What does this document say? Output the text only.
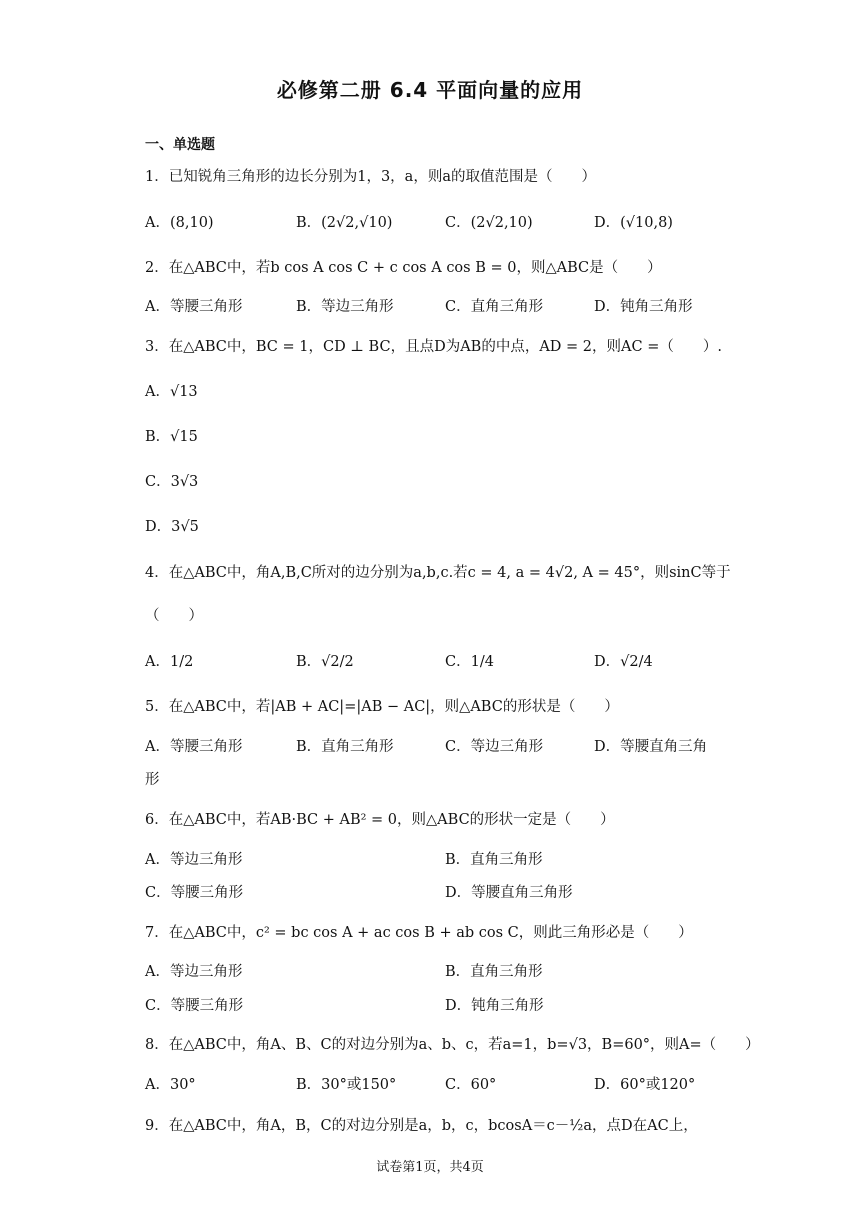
必修第二册 6.4 平面向量的应用
一、单选题
1．已知锐角三角形的边长分别为1，3，a，则a的取值范围是（　　）
A．(8,10)	B．(2√2,√10)	C．(2√2,10)	D．(√10,8)
2．在△ABC中，若b cos A cos C + c cos A cos B = 0，则△ABC是（　　）
A．等腰三角形	B．等边三角形	C．直角三角形	D．钝角三角形
3．在△ABC中，BC = 1，CD ⊥ BC，且点D为AB的中点，AD = 2，则AC =（　　）.
A．√13
B．√15
C．3√3
D．3√5
4．在△ABC中，角A,B,C所对的边分别为a,b,c.若c = 4, a = 4√2, A = 45°，则sinC等于
（　　）
A．1/2	B．√2/2	C．1/4	D．√2/4
5．在△ABC中，若|AB + AC|=|AB − AC|，则△ABC的形状是（　　）
A．等腰三角形	B．直角三角形	C．等边三角形	D．等腰直角三角
形
6．在△ABC中，若AB·BC + AB² = 0，则△ABC的形状一定是（　　）
A．等边三角形	B．直角三角形
C．等腰三角形	D．等腰直角三角形
7．在△ABC中，c² = bc cos A + ac cos B + ab cos C，则此三角形必是（　　）
A．等边三角形	B．直角三角形
C．等腰三角形	D．钝角三角形
8．在△ABC中，角A、B、C的对边分别为a、b、c，若a=1，b=√3，B=60°，则A=（　　）
A．30°	B．30°或150°	C．60°	D．60°或120°
9．在△ABC中，角A，B，C的对边分别是a，b，c，bcosA＝c－½a，点D在AC上，
试卷第1页，共4页
